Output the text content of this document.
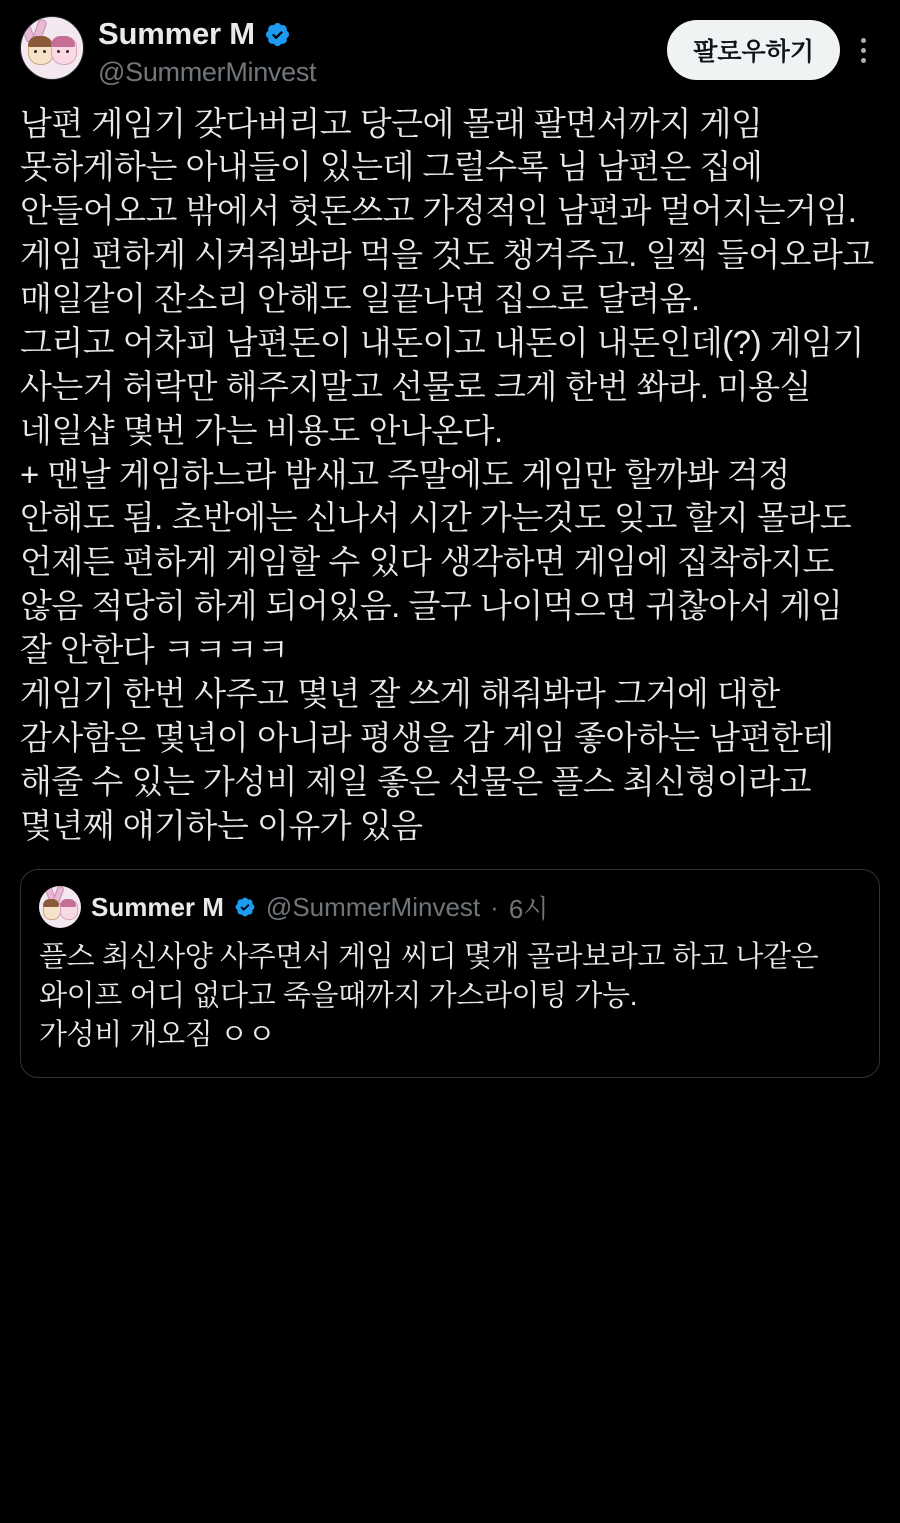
Summer M
@SummerMinvest
팔로우하기
남편 게임기 갖다버리고 당근에 몰래 팔면서까지 게임 못하게하는 아내들이 있는데 그럴수록 님 남편은 집에 안들어오고 밖에서 헛돈쓰고 가정적인 남편과 멀어지는거임. 게임 편하게 시켜줘봐라 먹을 것도 챙겨주고. 일찍 들어오라고 매일같이 잔소리 안해도 일끝나면 집으로 달려옴.
그리고 어차피 남편돈이 내돈이고 내돈이 내돈인데(?) 게임기 사는거 허락만 해주지말고 선물로 크게 한번 쏴라. 미용실 네일샵 몇번 가는 비용도 안나온다.
+ 맨날 게임하느라 밤새고 주말에도 게임만 할까봐 걱정 안해도 됨. 초반에는 신나서 시간 가는것도 잊고 할지 몰라도 언제든 편하게 게임할 수 있다 생각하면 게임에 집착하지도 않음 적당히 하게 되어있음. 글구 나이먹으면 귀찮아서 게임 잘 안한다 ㅋㅋㅋㅋ
게임기 한번 사주고 몇년 잘 쓰게 해줘봐라 그거에 대한 감사함은 몇년이 아니라 평생을 감 게임 좋아하는 남편한테 해줄 수 있는 가성비 제일 좋은 선물은 플스 최신형이라고 몇년째 얘기하는 이유가 있음
Summer M @SummerMinvest · 6시
플스 최신사양 사주면서 게임 씨디 몇개 골라보라고 하고 나같은 와이프 어디 없다고 죽을때까지 가스라이팅 가능.
가성비 개오짐 ㅇㅇ
